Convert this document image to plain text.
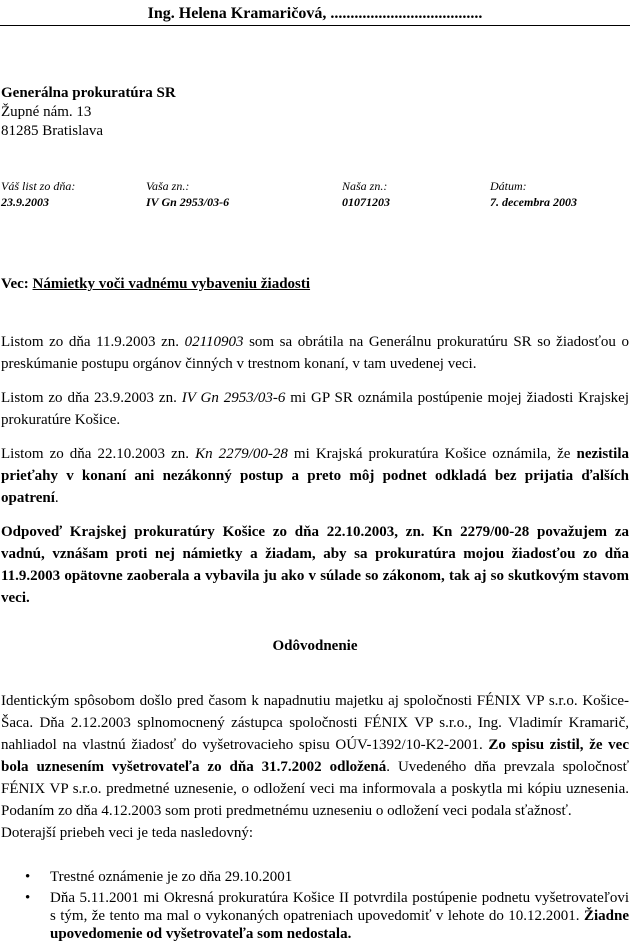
Ing. Helena Kramaričová, ......................................
Generálna prokuratúra SR
Župné nám. 13
81285 Bratislava
Váš list zo dňa:
23.9.2003
Vaša zn.:
IV Gn 2953/03-6
Naša zn.:
01071203
Dátum:
7. decembra 2003
Vec: Námietky voči vadnému vybaveniu žiadosti
Listom zo dňa 11.9.2003 zn. 02110903 som sa obrátila na Generálnu prokuratúru SR so žiadosťou o preskúmanie postupu orgánov činných v trestnom konaní, v tam uvedenej veci.
Listom zo dňa 23.9.2003 zn. IV Gn 2953/03-6 mi GP SR oznámila postúpenie mojej žiadosti Krajskej prokuratúre Košice.
Listom zo dňa 22.10.2003 zn. Kn 2279/00-28 mi Krajská prokuratúra Košice oznámila, že nezistila prieťahy v konaní ani nezákonný postup a preto môj podnet odkladá bez prijatia ďalších opatrení.
Odpoveď Krajskej prokuratúry Košice zo dňa 22.10.2003, zn. Kn 2279/00-28 považujem za vadnú, vznášam proti nej námietky a žiadam, aby sa prokuratúra mojou žiadosťou zo dňa 11.9.2003 opätovne zaoberala a vybavila ju ako v súlade so zákonom, tak aj so skutkovým stavom veci.
Odôvodnenie
Identickým spôsobom došlo pred časom k napadnutiu majetku aj spoločnosti FÉNIX VP s.r.o. Košice-Šaca. Dňa 2.12.2003 splnomocnený zástupca spoločnosti FÉNIX VP s.r.o., Ing. Vladimír Kramarič, nahliadol na vlastnú žiadosť do vyšetrovacieho spisu OÚV-1392/10-K2-2001. Zo spisu zistil, že vec bola uznesením vyšetrovateľa zo dňa 31.7.2002 odložená. Uvedeného dňa prevzala spoločnosť FÉNIX VP s.r.o. predmetné uznesenie, o odložení veci ma informovala a poskytla mi kópiu uznesenia. Podaním zo dňa 4.12.2003 som proti predmetnému uzneseniu o odložení veci podala sťažnosť.
Doterajší priebeh veci je teda nasledovný:
• Trestné oznámenie je zo dňa 29.10.2001
• Dňa 5.11.2001 mi Okresná prokuratúra Košice II potvrdila postúpenie podnetu vyšetrovateľovi s tým, že tento ma mal o vykonaných opatreniach upovedomiť v lehote do 10.12.2001. Žiadne upovedomenie od vyšetrovateľa som nedostala.
